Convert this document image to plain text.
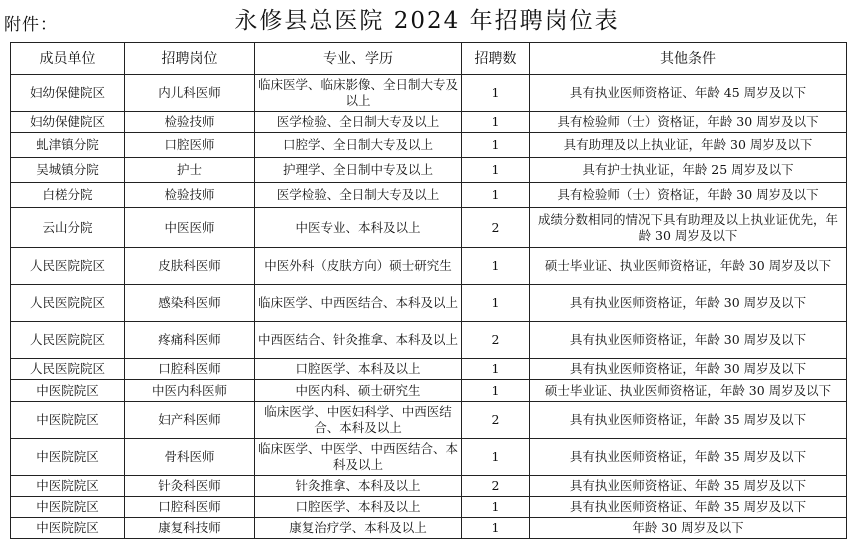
附件：	永修县总医院 2024 年招聘岗位表
成员单位	招聘岗位	专业、学历	招聘数	其他条件
妇幼保健院区	内儿科医师	临床医学、临床影像、全日制大专及以上	1	具有执业医师资格证、年龄 45 周岁及以下
妇幼保健院区	检验技师	医学检验、全日制大专及以上	1	具有检验师（士）资格证，年龄 30 周岁及以下
虬津镇分院	口腔医师	口腔学、全日制大专及以上	1	具有助理及以上执业证，年龄 30 周岁及以下
吴城镇分院	护士	护理学、全日制中专及以上	1	具有护士执业证，年龄 25 周岁及以下
白槎分院	检验技师	医学检验、全日制大专及以上	1	具有检验师（士）资格证，年龄 30 周岁及以下
云山分院	中医医师	中医专业、本科及以上	2	成绩分数相同的情况下具有助理及以上执业证优先，年龄 30 周岁及以下
人民医院院区	皮肤科医师	中医外科（皮肤方向）硕士研究生	1	硕士毕业证、执业医师资格证，年龄 30 周岁及以下
人民医院院区	感染科医师	临床医学、中西医结合、本科及以上	1	具有执业医师资格证，年龄 30 周岁及以下
人民医院院区	疼痛科医师	中西医结合、针灸推拿、本科及以上	2	具有执业医师资格证，年龄 30 周岁及以下
人民医院院区	口腔科医师	口腔医学、本科及以上	1	具有执业医师资格证，年龄 30 周岁及以下
中医院院区	中医内科医师	中医内科、硕士研究生	1	硕士毕业证、执业医师资格证，年龄 30 周岁及以下
中医院院区	妇产科医师	临床医学、中医妇科学、中西医结合、本科及以上	2	具有执业医师资格证，年龄 35 周岁及以下
中医院院区	骨科医师	临床医学、中医学、中西医结合、本科及以上	1	具有执业医师资格证，年龄 35 周岁及以下
中医院院区	针灸科医师	针灸推拿、本科及以上	2	具有执业医师资格证、年龄 35 周岁及以下
中医院院区	口腔科医师	口腔医学、本科及以上	1	具有执业医师资格证、年龄 35 周岁及以下
中医院院区	康复科技师	康复治疗学、本科及以上	1	年龄 30 周岁及以下
